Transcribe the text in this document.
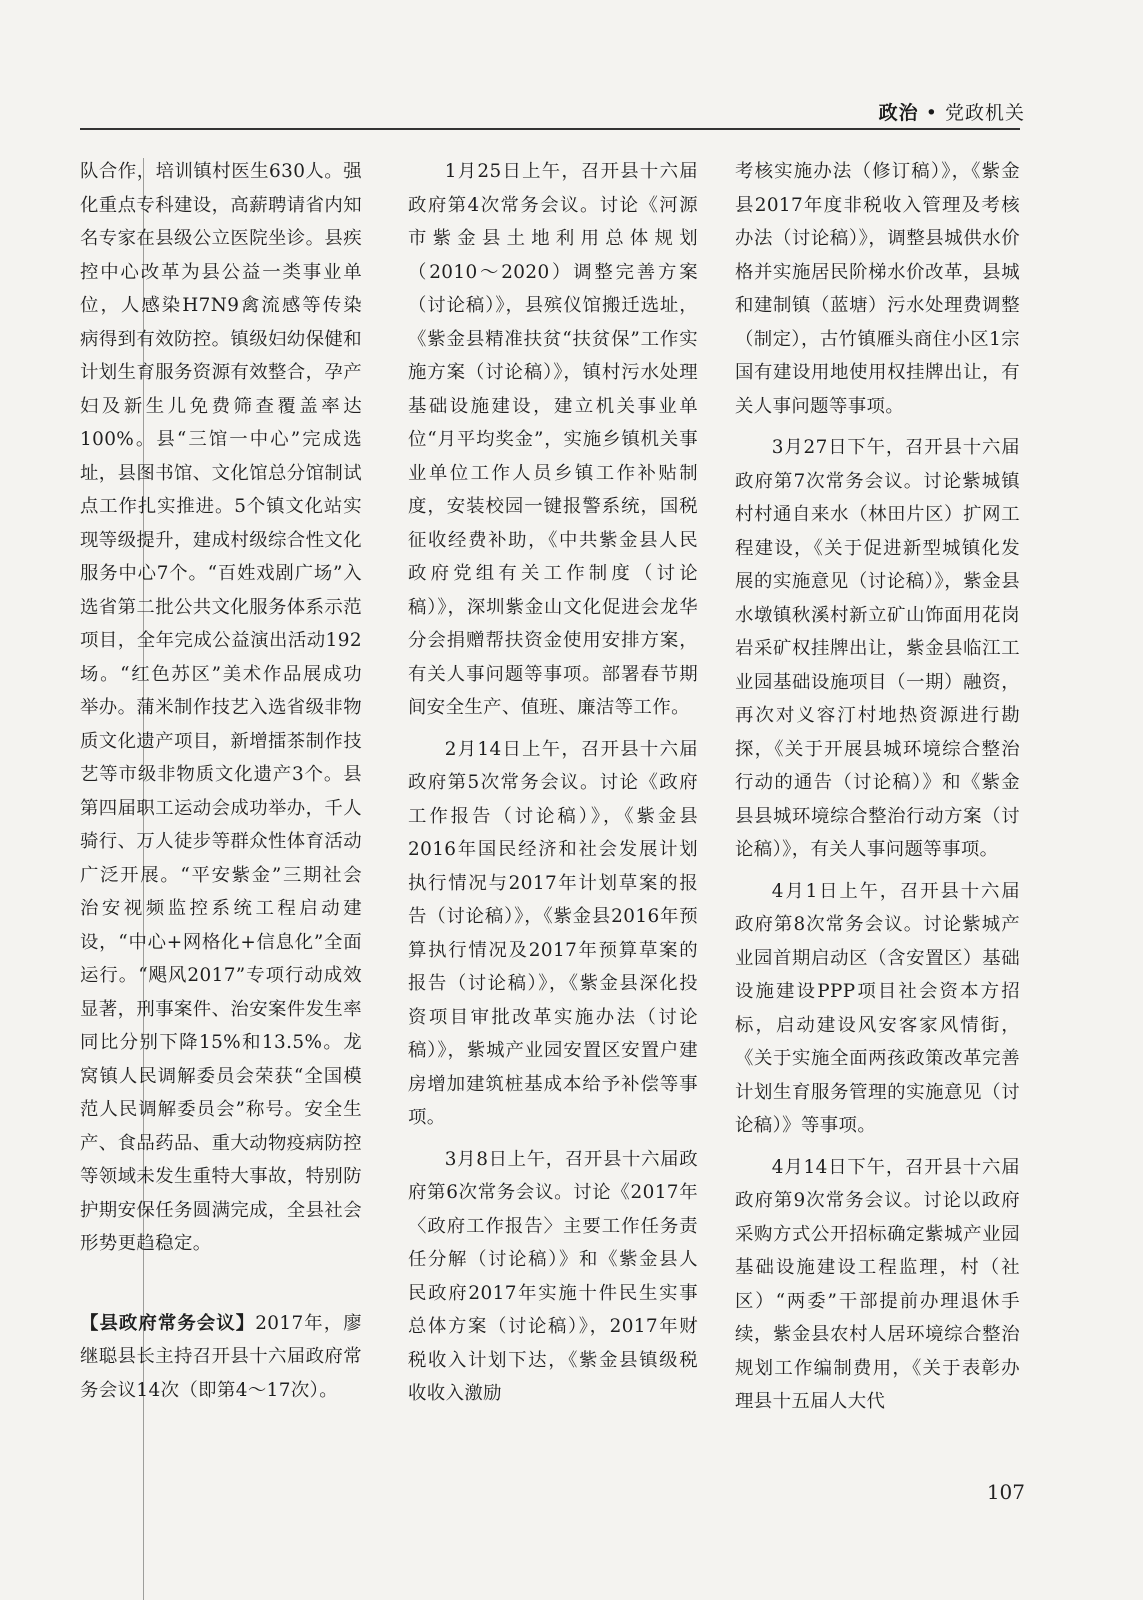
政治 • 党政机关

队合作，培训镇村医生630人。强化重点专科建设，高薪聘请省内知名专家在县级公立医院坐诊。县疾控中心改革为县公益一类事业单位，人感染H7N9禽流感等传染病得到有效防控。镇级妇幼保健和计划生育服务资源有效整合，孕产妇及新生儿免费筛查覆盖率达100%。县“三馆一中心”完成选址，县图书馆、文化馆总分馆制试点工作扎实推进。5个镇文化站实现等级提升，建成村级综合性文化服务中心7个。“百姓戏剧广场”入选省第二批公共文化服务体系示范项目，全年完成公益演出活动192场。“红色苏区”美术作品展成功举办。蒲米制作技艺入选省级非物质文化遗产项目，新增擂茶制作技艺等市级非物质文化遗产3个。县第四届职工运动会成功举办，千人骑行、万人徒步等群众性体育活动广泛开展。“平安紫金”三期社会治安视频监控系统工程启动建设，“中心+网格化+信息化”全面运行。“飓风2017”专项行动成效显著，刑事案件、治安案件发生率同比分别下降15%和13.5%。龙窝镇人民调解委员会荣获“全国模范人民调解委员会”称号。安全生产、食品药品、重大动物疫病防控等领域未发生重特大事故，特别防护期安保任务圆满完成，全县社会形势更趋稳定。

【县政府常务会议】2017年，廖继聪县长主持召开县十六届政府常务会议14次（即第4～17次）。

1月25日上午，召开县十六届政府第4次常务会议。讨论《河源市紫金县土地利用总体规划（2010～2020）调整完善方案（讨论稿）》，县殡仪馆搬迁选址，《紫金县精准扶贫“扶贫保”工作实施方案（讨论稿）》，镇村污水处理基础设施建设，建立机关事业单位“月平均奖金”，实施乡镇机关事业单位工作人员乡镇工作补贴制度，安装校园一键报警系统，国税征收经费补助，《中共紫金县人民政府党组有关工作制度（讨论稿）》，深圳紫金山文化促进会龙华分会捐赠帮扶资金使用安排方案，有关人事问题等事项。部署春节期间安全生产、值班、廉洁等工作。

2月14日上午，召开县十六届政府第5次常务会议。讨论《政府工作报告（讨论稿）》，《紫金县2016年国民经济和社会发展计划执行情况与2017年计划草案的报告（讨论稿）》，《紫金县2016年预算执行情况及2017年预算草案的报告（讨论稿）》，《紫金县深化投资项目审批改革实施办法（讨论稿）》，紫城产业园安置区安置户建房增加建筑桩基成本给予补偿等事项。

3月8日上午，召开县十六届政府第6次常务会议。讨论《2017年〈政府工作报告〉主要工作任务责任分解（讨论稿）》和《紫金县人民政府2017年实施十件民生实事总体方案（讨论稿）》，2017年财税收入计划下达，《紫金县镇级税收收入激励

考核实施办法（修订稿）》，《紫金县2017年度非税收入管理及考核办法（讨论稿）》，调整县城供水价格并实施居民阶梯水价改革，县城和建制镇（蓝塘）污水处理费调整（制定），古竹镇雁头商住小区1宗国有建设用地使用权挂牌出让，有关人事问题等事项。

3月27日下午，召开县十六届政府第7次常务会议。讨论紫城镇村村通自来水（林田片区）扩网工程建设，《关于促进新型城镇化发展的实施意见（讨论稿）》，紫金县水墩镇秋溪村新立矿山饰面用花岗岩采矿权挂牌出让，紫金县临江工业园基础设施项目（一期）融资，再次对义容汀村地热资源进行勘探，《关于开展县城环境综合整治行动的通告（讨论稿）》和《紫金县县城环境综合整治行动方案（讨论稿）》，有关人事问题等事项。

4月1日上午，召开县十六届政府第8次常务会议。讨论紫城产业园首期启动区（含安置区）基础设施建设PPP项目社会资本方招标，启动建设风安客家风情街，《关于实施全面两孩政策改革完善计划生育服务管理的实施意见（讨论稿）》等事项。

4月14日下午，召开县十六届政府第9次常务会议。讨论以政府采购方式公开招标确定紫城产业园基础设施建设工程监理，村（社区）“两委”干部提前办理退休手续，紫金县农村人居环境综合整治规划工作编制费用，《关于表彰办理县十五届人大代

107
